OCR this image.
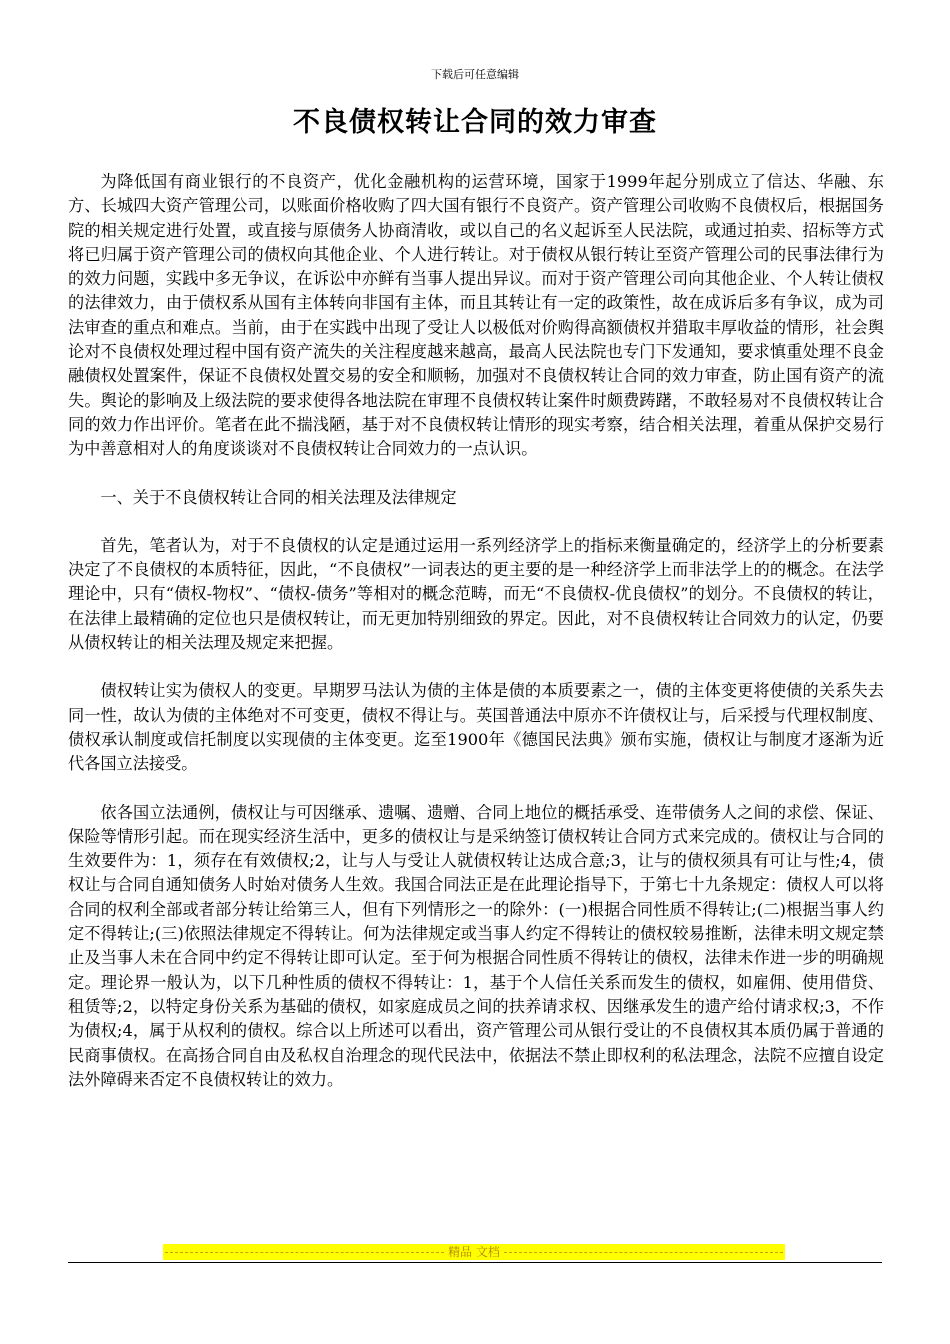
下载后可任意编辑
不良债权转让合同的效力审查

为降低国有商业银行的不良资产，优化金融机构的运营环境，国家于1999年起分别成立了信达、华融、东方、长城四大资产管理公司，以账面价格收购了四大国有银行不良资产。资产管理公司收购不良债权后，根据国务院的相关规定进行处置，或直接与原债务人协商清收，或以自己的名义起诉至人民法院，或通过拍卖、招标等方式将已归属于资产管理公司的债权向其他企业、个人进行转让。对于债权从银行转让至资产管理公司的民事法律行为的效力问题，实践中多无争议，在诉讼中亦鲜有当事人提出异议。而对于资产管理公司向其他企业、个人转让债权的法律效力，由于债权系从国有主体转向非国有主体，而且其转让有一定的政策性，故在成诉后多有争议，成为司法审查的重点和难点。当前，由于在实践中出现了受让人以极低对价购得高额债权并猎取丰厚收益的情形，社会舆论对不良债权处理过程中国有资产流失的关注程度越来越高，最高人民法院也专门下发通知，要求慎重处理不良金融债权处置案件，保证不良债权处置交易的安全和顺畅，加强对不良债权转让合同的效力审查，防止国有资产的流失。舆论的影响及上级法院的要求使得各地法院在审理不良债权转让案件时颇费踌躇，不敢轻易对不良债权转让合同的效力作出评价。笔者在此不揣浅陋，基于对不良债权转让情形的现实考察，结合相关法理，着重从保护交易行为中善意相对人的角度谈谈对不良债权转让合同效力的一点认识。

一、关于不良债权转让合同的相关法理及法律规定

首先，笔者认为，对于不良债权的认定是通过运用一系列经济学上的指标来衡量确定的，经济学上的分析要素决定了不良债权的本质特征，因此，“不良债权”一词表达的更主要的是一种经济学上而非法学上的的概念。在法学理论中，只有“债权-物权”、“债权-债务”等相对的概念范畴，而无“不良债权-优良债权”的划分。不良债权的转让，在法律上最精确的定位也只是债权转让，而无更加特别细致的界定。因此，对不良债权转让合同效力的认定，仍要从债权转让的相关法理及规定来把握。

债权转让实为债权人的变更。早期罗马法认为债的主体是债的本质要素之一，债的主体变更将使债的关系失去同一性，故认为债的主体绝对不可变更，债权不得让与。英国普通法中原亦不许债权让与，后采授与代理权制度、债权承认制度或信托制度以实现债的主体变更。迄至1900年《德国民法典》颁布实施，债权让与制度才逐渐为近代各国立法接受。

依各国立法通例，债权让与可因继承、遗嘱、遗赠、合同上地位的概括承受、连带债务人之间的求偿、保证、保险等情形引起。而在现实经济生活中，更多的债权让与是采纳签订债权转让合同方式来完成的。债权让与合同的生效要件为：1，须存在有效债权;2，让与人与受让人就债权转让达成合意;3，让与的债权须具有可让与性;4，债权让与合同自通知债务人时始对债务人生效。我国合同法正是在此理论指导下，于第七十九条规定：债权人可以将合同的权利全部或者部分转让给第三人，但有下列情形之一的除外：(一)根据合同性质不得转让;(二)根据当事人约定不得转让;(三)依照法律规定不得转让。何为法律规定或当事人约定不得转让的债权较易推断，法律未明文规定禁止及当事人未在合同中约定不得转让即可认定。至于何为根据合同性质不得转让的债权，法律未作进一步的明确规定。理论界一般认为，以下几种性质的债权不得转让：1，基于个人信任关系而发生的债权，如雇佣、使用借贷、租赁等;2，以特定身份关系为基础的债权，如家庭成员之间的扶养请求权、因继承发生的遗产给付请求权;3，不作为债权;4，属于从权利的债权。综合以上所述可以看出，资产管理公司从银行受让的不良债权其本质仍属于普通的民商事债权。在高扬合同自由及私权自治理念的现代民法中，依据法不禁止即权利的私法理念，法院不应擅自设定法外障碍来否定不良债权转让的效力。

精品 文档
